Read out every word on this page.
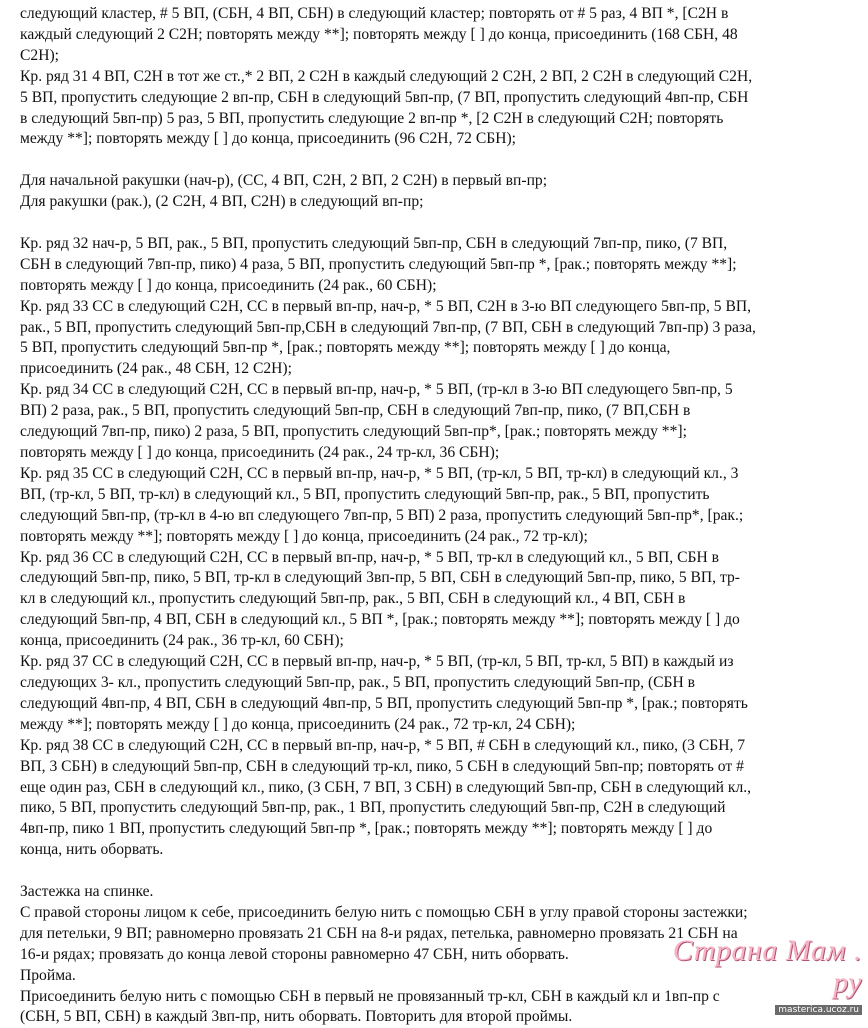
следующий кластер, # 5 ВП, (СБН, 4 ВП, СБН) в следующий кластер; повторять от # 5 раз, 4 ВП *, [С2Н в
каждый следующий 2 С2Н; повторять между **]; повторять между [ ] до конца, присоединить (168 СБН, 48
С2Н);

Кр. ряд 31 4 ВП, С2Н в тот же ст.,* 2 ВП, 2 С2Н в каждый следующий 2 С2Н, 2 ВП, 2 С2Н в следующий С2Н,
5 ВП, пропустить следующие 2 вп-пр, СБН в следующий 5вп-пр, (7 ВП, пропустить следующий 4вп-пр, СБН
в следующий 5вп-пр) 5 раз, 5 ВП, пропустить следующие 2 вп-пр *, [2 С2Н в следующий С2Н; повторять
между **]; повторять между [ ] до конца, присоединить (96 С2Н, 72 СБН);

Для начальной ракушки (нач-р), (СС, 4 ВП, С2Н, 2 ВП, 2 С2Н) в первый вп-пр;

Для ракушки (рак.), (2 С2Н, 4 ВП, С2Н) в следующий вп-пр;

Кр. ряд 32 нач-р, 5 ВП, рак., 5 ВП, пропустить следующий 5вп-пр, СБН в следующий 7вп-пр, пико, (7 ВП,
СБН в следующий 7вп-пр, пико) 4 раза, 5 ВП, пропустить следующий 5вп-пр *, [рак.; повторять между **];
повторять между [ ] до конца, присоединить (24 рак., 60 СБН);

Кр. ряд 33 СС в следующий С2Н, СС в первый вп-пр, нач-р, * 5 ВП, С2Н в 3-ю ВП следующего 5вп-пр, 5 ВП,
рак., 5 ВП, пропустить следующий 5вп-пр,СБН в следующий 7вп-пр, (7 ВП, СБН в следующий 7вп-пр) 3 раза,
5 ВП, пропустить следующий 5вп-пр *, [рак.; повторять между **]; повторять между [ ] до конца,
присоединить (24 рак., 48 СБН, 12 С2Н);

Кр. ряд 34 СС в следующий С2Н, СС в первый вп-пр, нач-р, * 5 ВП, (тр-кл в 3-ю ВП следующего 5вп-пр, 5
ВП) 2 раза, рак., 5 ВП, пропустить следующий 5вп-пр, СБН в следующий 7вп-пр, пико, (7 ВП,СБН в
следующий 7вп-пр, пико) 2 раза, 5 ВП, пропустить следующий 5вп-пр*, [рак.; повторять между **];
повторять между [ ] до конца, присоединить (24 рак., 24 тр-кл, 36 СБН);

Кр. ряд 35 СС в следующий С2Н, СС в первый вп-пр, нач-р, * 5 ВП, (тр-кл, 5 ВП, тр-кл) в следующий кл., 3
ВП, (тр-кл, 5 ВП, тр-кл) в следующий кл., 5 ВП, пропустить следующий 5вп-пр, рак., 5 ВП, пропустить
следующий 5вп-пр, (тр-кл в 4-ю вп следующего 7вп-пр, 5 ВП) 2 раза, пропустить следующий 5вп-пр*, [рак.;
повторять между **]; повторять между [ ] до конца, присоединить (24 рак., 72 тр-кл);

Кр. ряд 36 СС в следующий С2Н, СС в первый вп-пр, нач-р, * 5 ВП, тр-кл в следующий кл., 5 ВП, СБН в
следующий 5вп-пр, пико, 5 ВП, тр-кл в следующий 3вп-пр, 5 ВП, СБН в следующий 5вп-пр, пико, 5 ВП, тр-
кл в следующий кл., пропустить следующий 5вп-пр, рак., 5 ВП, СБН в следующий кл., 4 ВП, СБН в
следующий 5вп-пр, 4 ВП, СБН в следующий кл., 5 ВП *, [рак.; повторять между **]; повторять между [ ] до
конца, присоединить (24 рак., 36 тр-кл, 60 СБН);

Кр. ряд 37 СС в следующий С2Н, СС в первый вп-пр, нач-р, * 5 ВП, (тр-кл, 5 ВП, тр-кл, 5 ВП) в каждый из
следующих 3- кл., пропустить следующий 5вп-пр, рак., 5 ВП, пропустить следующий 5вп-пр, (СБН в
следующий 4вп-пр, 4 ВП, СБН в следующий 4вп-пр, 5 ВП, пропустить следующий 5вп-пр *, [рак.; повторять
между **]; повторять между [ ] до конца, присоединить (24 рак., 72 тр-кл, 24 СБН);

Кр. ряд 38 СС в следующий С2Н, СС в первый вп-пр, нач-р, * 5 ВП, # СБН в следующий кл., пико, (3 СБН, 7
ВП, 3 СБН) в следующий 5вп-пр, СБН в следующий тр-кл, пико, 5 СБН в следующий 5вп-пр; повторять от #
еще один раз, СБН в следующий кл., пико, (3 СБН, 7 ВП, 3 СБН) в следующий 5вп-пр, СБН в следующий кл.,
пико, 5 ВП, пропустить следующий 5вп-пр, рак., 1 ВП, пропустить следующий 5вп-пр, С2Н в следующий
4вп-пр, пико 1 ВП, пропустить следующий 5вп-пр *, [рак.; повторять между **]; повторять между [ ] до
конца, нить оборвать.

Застежка на спинке.

С правой стороны лицом к себе, присоединить белую нить с помощью СБН в углу правой стороны застежки;
для петельки, 9 ВП; равномерно провязать 21 СБН на 8-и рядах, петелька, равномерно провязать 21 СБН на
16-и рядах; провязать до конца левой стороны равномерно 47 СБН, нить оборвать.

Пройма.

Присоединить белую нить с помощью СБН в первый не провязанный тр-кл, СБН в каждый кл и 1вп-пр с
(СБН, 5 ВП, СБН) в каждый 3вп-пр, нить оборвать. Повторить для второй проймы.

Страна Мам . ру
masterica.ucoz.ru
